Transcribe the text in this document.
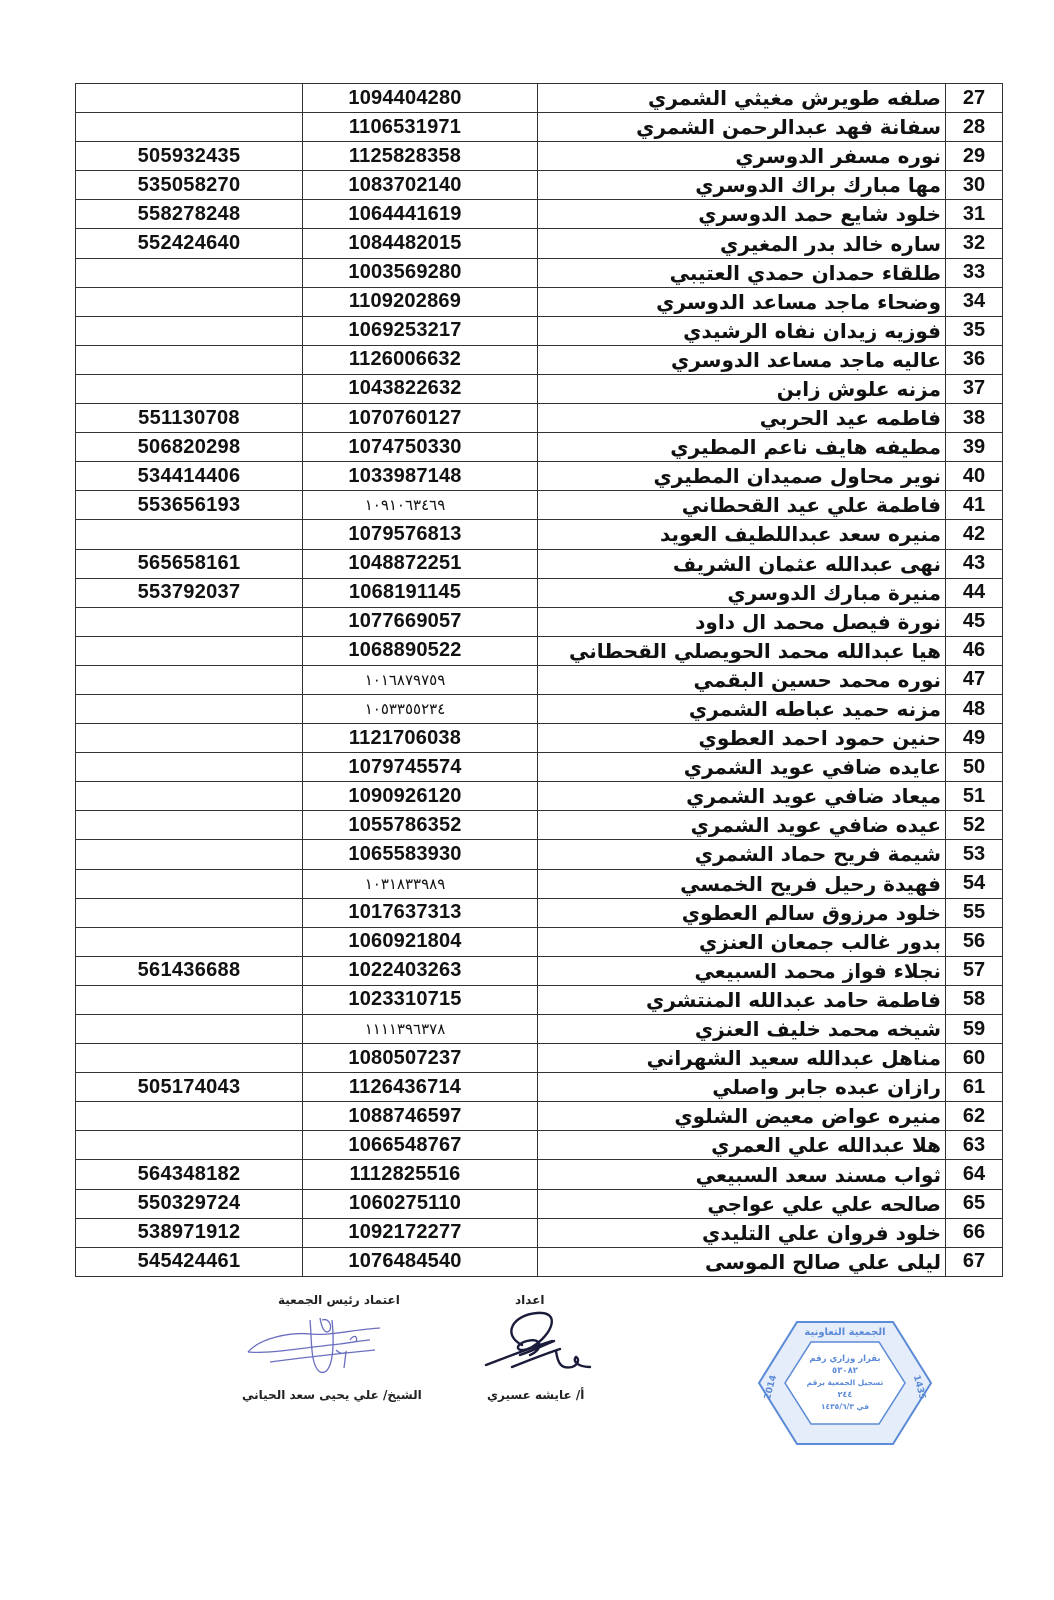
	1094404280	صلفه طويرش مغيثي الشمري	27
	1106531971	سفانة فهد عبدالرحمن الشمري	28
505932435	1125828358	نوره مسفر الدوسري	29
535058270	1083702140	مها مبارك براك الدوسري	30
558278248	1064441619	خلود شايع حمد الدوسري	31
552424640	1084482015	ساره خالد بدر المغيري	32
	1003569280	طلقاء حمدان حمدي العتيبي	33
	1109202869	وضحاء ماجد مساعد الدوسري	34
	1069253217	فوزيه زيدان نفاه الرشيدي	35
	1126006632	عاليه ماجد مساعد الدوسري	36
	1043822632	مزنه علوش زابن	37
551130708	1070760127	فاطمه عيد الحربي	38
506820298	1074750330	مطيفه هايف ناعم المطيري	39
534414406	1033987148	نوير محاول صميدان المطيري	40
553656193	١٠٩١٠٦٣٤٦٩	فاطمة علي عيد القحطاني	41
	1079576813	منيره سعد عبداللطيف العويد	42
565658161	1048872251	نهى عبدالله عثمان الشريف	43
553792037	1068191145	منيرة مبارك الدوسري	44
	1077669057	نورة فيصل محمد ال داود	45
	1068890522	هيا عبدالله محمد الحويصلي القحطاني	46
	١٠١٦٨٧٩٧٥٩	نوره محمد حسين البقمي	47
	١٠٥٣٣٥٥٢٣٤	مزنه حميد عباطه الشمري	48
	1121706038	حنين حمود احمد العطوي	49
	1079745574	عايده ضافي عويد الشمري	50
	1090926120	ميعاد ضافي عويد الشمري	51
	1055786352	عيده ضافي عويد الشمري	52
	1065583930	شيمة فريح حماد الشمري	53
	١٠٣١٨٣٣٩٨٩	فهيدة رحيل فريح الخمسي	54
	1017637313	خلود مرزوق سالم العطوي	55
	1060921804	بدور غالب جمعان العنزي	56
561436688	1022403263	نجلاء فواز محمد السبيعي	57
	1023310715	فاطمة حامد عبدالله المنتشري	58
	١١١١٣٩٦٣٧٨	شيخه محمد خليف العنزي	59
	1080507237	مناهل عبدالله سعيد الشهراني	60
505174043	1126436714	رازان عبده جابر واصلي	61
	1088746597	منيره عواض معيض الشلوي	62
	1066548767	هلا عبدالله علي العمري	63
564348182	1112825516	ثواب مسند سعد السبيعي	64
550329724	1060275110	صالحه علي علي عواجي	65
538971912	1092172277	خلود فروان علي التليدي	66
545424461	1076484540	ليلى علي صالح الموسى	67
اعتماد رئيس الجمعية
الشيخ/ علي يحيى سعد الحياني
اعداد
أ/ عايشه عسيري
الجمعية التعاونية
2014	1435
بقرار وزاري رقم
٥٣٠٨٢
تسجيل الجمعية برقم
٢٤٤
في ١٤٣٥/٦/٣
